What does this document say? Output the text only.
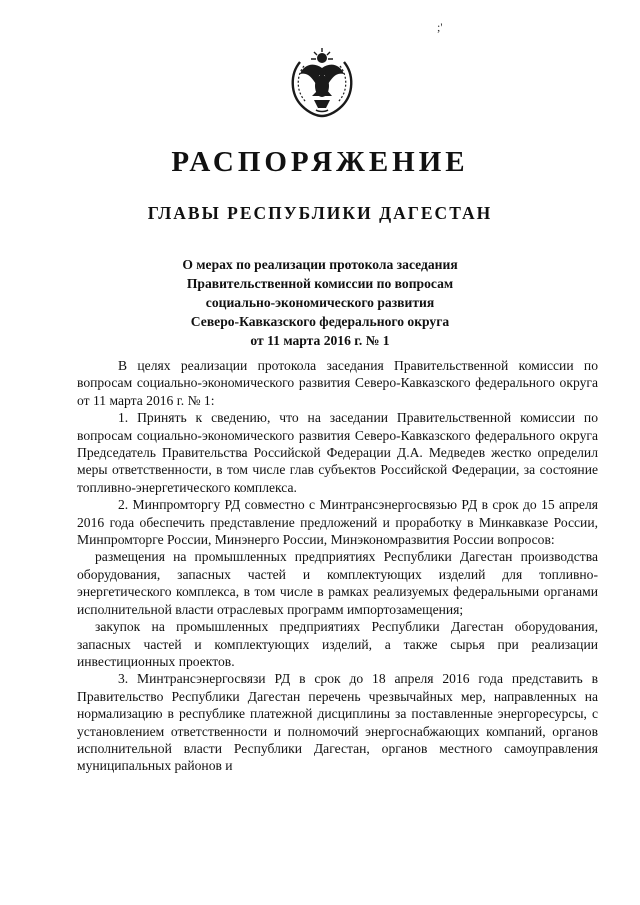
;'
РАСПОРЯЖЕНИЕ
ГЛАВЫ РЕСПУБЛИКИ ДАГЕСТАН
О мерах по реализации протокола заседания
Правительственной комиссии по вопросам
социально-экономического развития
Северо-Кавказского федерального округа
от 11 марта 2016 г. № 1

В целях реализации протокола заседания Правительственной комиссии по вопросам социально-экономического развития Северо-Кавказского федерального округа от 11 марта 2016 г. № 1:

1. Принять к сведению, что на заседании Правительственной комиссии по вопросам социально-экономического развития Северо-Кавказского федерального округа Председатель Правительства Российской Федерации Д.А. Медведев жестко определил меры ответственности, в том числе глав субъектов Российской Федерации, за состояние топливно-энергетического комплекса.

2. Минпромторгу РД совместно с Минтрансэнергосвязью РД в срок до 15 апреля 2016 года обеспечить представление предложений и проработку в Минкавказе России, Минпромторге России, Минэнерго России, Минэкономразвития России вопросов:

размещения на промышленных предприятиях Республики Дагестан производства оборудования, запасных частей и комплектующих изделий для топливно-энергетического комплекса, в том числе в рамках реализуемых федеральными органами исполнительной власти отраслевых программ импортозамещения;

закупок на промышленных предприятиях Республики Дагестан оборудования, запасных частей и комплектующих изделий, а также сырья при реализации инвестиционных проектов.

3. Минтрансэнергосвязи РД в срок до 18 апреля 2016 года представить в Правительство Республики Дагестан перечень чрезвычайных мер, направленных на нормализацию в республике платежной дисциплины за поставленные энергоресурсы, с установлением ответственности и полномочий энергоснабжающих компаний, органов исполнительной власти Республики Дагестан, органов местного самоуправления муниципальных районов и
